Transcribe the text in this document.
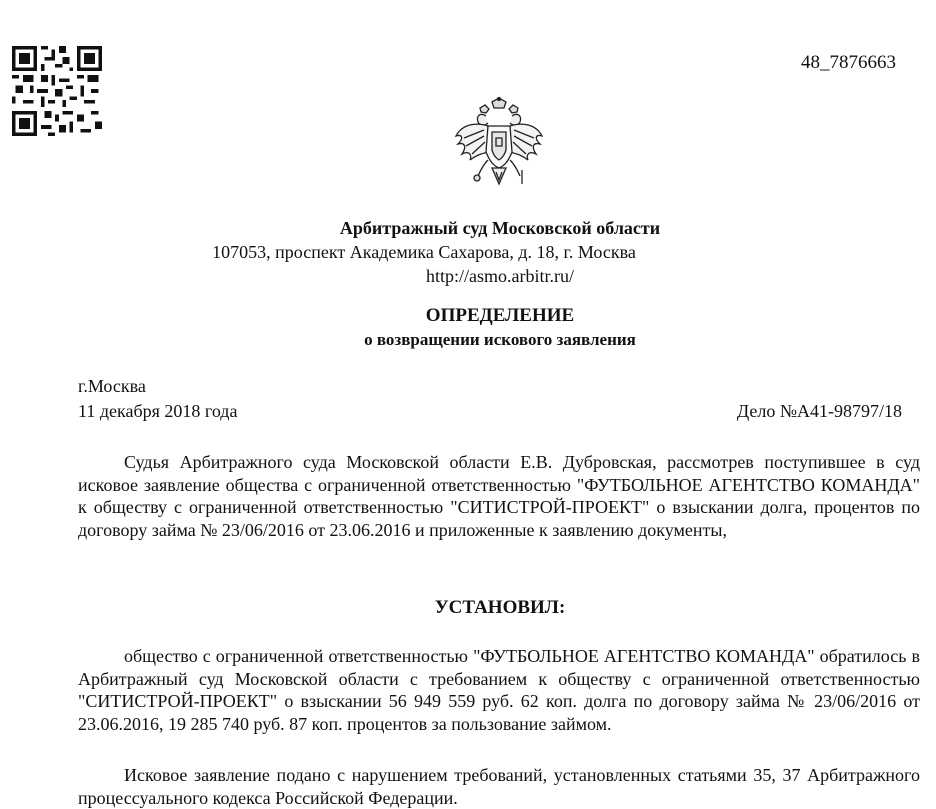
48_7876663
Арбитражный суд Московской области
107053, проспект Академика Сахарова, д. 18, г. Москва
http://asmo.arbitr.ru/
ОПРЕДЕЛЕНИЕ
о возвращении искового заявления
г.Москва
11 декабря 2018 года	Дело №А41-98797/18
Судья Арбитражного суда Московской области Е.В. Дубровская, рассмотрев поступившее в суд исковое заявление общества с ограниченной ответственностью "ФУТБОЛЬНОЕ АГЕНТСТВО КОМАНДА" к обществу с ограниченной ответственностью "СИТИСТРОЙ-ПРОЕКТ" о взыскании долга, процентов по договору займа № 23/06/2016 от 23.06.2016 и приложенные к заявлению документы,
УСТАНОВИЛ:
общество с ограниченной ответственностью "ФУТБОЛЬНОЕ АГЕНТСТВО КОМАНДА" обратилось в Арбитражный суд Московской области с требованием к обществу с ограниченной ответственностью "СИТИСТРОЙ-ПРОЕКТ" о взыскании 56 949 559 руб. 62 коп. долга по договору займа № 23/06/2016 от 23.06.2016, 19 285 740 руб. 87 коп. процентов за пользование займом.
Исковое заявление подано с нарушением требований, установленных статьями 35, 37 Арбитражного процессуального кодекса Российской Федерации.
